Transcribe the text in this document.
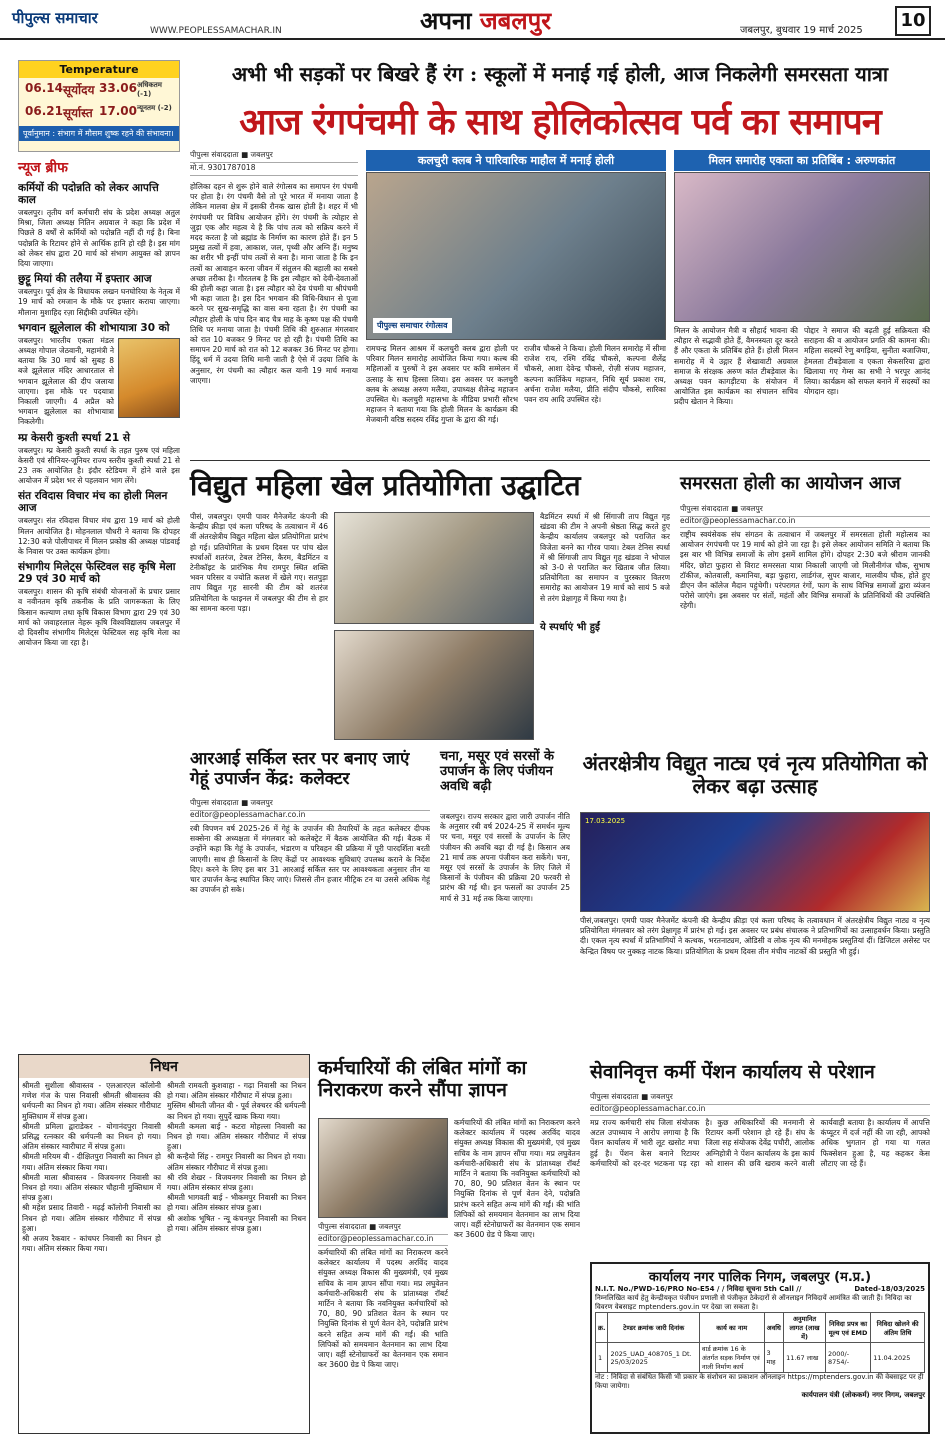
पीपुल्स समाचार
WWW.PEOPLESSAMACHAR.IN	अपना जबलपुर	जबलपुर, बुधवार 19 मार्च 2025	10
Temperature
06.14 सूर्योदय 33.06 अधिकतम (-1)
06.21 सूर्यास्त 17.00 न्यूनतम (-2)
पूर्वानुमान : संभाग में मौसम शुष्क रहने की संभावना।
अभी भी सड़कों पर बिखरे हैं रंग : स्कूलों में मनाई गई होली, आज निकलेगी समरसता यात्रा
आज रंगपंचमी के साथ होलिकोत्सव पर्व का समापन
न्यूज ब्रीफ
कर्मियों की पदोन्नति को लेकर आपत्ति काल

जबलपुर। तृतीय वर्ग कर्मचारी संघ के प्रदेश अध्यक्ष अतुल मिश्रा, जिला अध्यक्ष नितिन अग्रवाल ने कहा कि प्रदेश में पिछले 8 वर्षों से कर्मियों को पदोन्नति नहीं दी गई है। बिना पदोन्नति के रिटायर होने से आर्थिक हानि हो रही है। इस मांग को लेकर संघ द्वारा 20 मार्च को संभाग आयुक्त को ज्ञापन दिया जाएगा।

छुट्टू मियां की तलैया में इफ्तार आज

जबलपुर। पूर्व क्षेत्र के विधायक लखन घनघोरिया के नेतृत्व में 19 मार्च को रमजान के मौके पर इफ्तार कराया जाएगा। मौलाना मुशाहिद रज़ा सिद्दीकी उपस्थित रहेंगे।

भगवान झूलेलाल की शोभायात्रा 30 को

जबलपुर। भारतीय एकता मंडल अध्यक्ष गोपाल जेठवानी, महामंत्री ने बताया कि 30 मार्च को सुबह 8 बजे झूलेलाल मंदिर आधारताल से भगवान झूलेलाल की दीप जलाया जाएगा। इस मौके पर पदयात्रा निकाली जाएगी। 4 अप्रैल को भगवान झूलेलाल का शोभायात्रा निकलेगी।

म्प्र केसरी कुश्ती स्पर्धा 21 से

जबलपुर। म्प्र केसरी कुश्ती स्पर्धा के तहत पुरुष एवं महिला केसरी एवं सीनियर-जूनियर राज्य स्तरीय कुश्ती स्पर्धा 21 से 23 तक आयोजित है। इंदौर स्टेडियम में होने वाले इस आयोजन में प्रदेश भर से पहलवान भाग लेंगे।

संत रविदास विचार मंच का होली मिलन आज

जबलपुर। संत रविदास विचार मंच द्वारा 19 मार्च को होली मिलन आयोजित है। मोहनलाल चौधरी ने बताया कि दोपहर 12:30 बजे पोलीपाथर में मिलन प्रकोष्ठ की अध्यक्ष पांडवाई के निवास पर उक्त कार्यक्रम होगा।

संभागीय मिलेट्स फेस्टिवल सह कृषि मेला 29 एवं 30 मार्च को

जबलपुर। शासन की कृषि संबंधी योजनाओं के प्रचार प्रसार व नवीनतम कृषि तकनीक के प्रति जागरूकता के लिए किसान कल्याण तथा कृषि विकास विभाग द्वारा 29 एवं 30 मार्च को जवाहरलाल नेहरू कृषि विश्वविद्यालय जबलपुर में दो दिवसीय संभागीय मिलेट्स फेस्टिवल सह कृषि मेला का आयोजन किया जा रहा है।

पीपुल्स संवाददाता ■ जबलपुर
मो.नं. 9301787018
होलिका दहन से शुरू होने वाले रंगोत्सव का समापन रंग पंचमी पर होता है। रंग पंचमी वैसे तो पूरे भारत में मनाया जाता है लेकिन मालवा क्षेत्र में इसकी रौनक खास होती है। शहर में भी रंगपंचमी पर विविध आयोजन होंगे। रंग पंचमी के त्योहार से जुड़ा एक और महत्व ये है कि पांच तत्व को सक्रिय करने में मदद करता है जो ब्रह्मांड के निर्माण का कारण होते हैं। इन 5 प्रमुख तत्वों में हवा, आकाश, जल, पृथ्वी और अग्नि हैं। मनुष्य का शरीर भी इन्हीं पांच तत्वों से बना है। माना जाता है कि इन तत्वों का आवाहन करना जीवन में संतुलन की बहाली का सबसे अच्छा तरीका है। गौरतलब है कि इस त्यौहार को देवी-देवताओं की होली कहा जाता है। इस त्यौहार को देव पंचमी या श्रीपंचमी भी कहा जाता है। इस दिन भगवान की विधि-विधान से पूजा करने पर सुख-समृद्धि का वास बना रहता है। रंग पंचमी का त्यौहार होली के पांच दिन बाद चैत्र माह के कृष्ण पक्ष की पंचमी तिथि पर मनाया जाता है। पंचमी तिथि की शुरुआत मंगलवार को रात 10 बजकर 9 मिनट पर हो रही है। पंचमी तिथि का समापन 20 मार्च को रात को 12 बजकर 36 मिनट पर होगा। हिंदू धर्म में उदया तिथि मानी जाती है ऐसे में उदया तिथि के अनुसार, रंग पंचमी का त्यौहार कल यानी 19 मार्च मनाया जाएगा।
कलचुरी क्लब ने पारिवारिक माहौल में मनाई होली
पीपुल्स समाचार रंगोत्सव
रामचन्द्र मिलन आश्रम में कलचुरी क्लब द्वारा होली पर परिवार मिलन समारोह आयोजित किया गया। कल्ब की महिलाओं व पुरुषों ने इस अवसर पर कवि सम्मेलन में उत्साह के साथ हिस्सा लिया। इस अवसर पर कलचुरी क्लब के अध्यक्ष अरुण मलैया, उपाध्यक्ष शैलेन्द्र महाजन उपस्थित थे। कलचुरी महासभा के मीडिया प्रभारी सौरभ महाजन ने बताया गया कि होली मिलन के कार्यक्रम की मेजबानी वरिष्ठ सदस्य रविंद्र गुप्ता के द्वारा की गई।
राजीव चौकसे ने किया। होली मिलन समारोह में सीमा राजेश राय, रश्मि रविंद्र चौकसे, कल्पना शैलेंद्र चौकसे, आशा देवेन्द्र चौकसे, रोज़ी संजय महाजन, कल्पना कार्तिकेय महाजन, निधि सूर्य प्रकाश राय, अर्चना राजेश मलैया, प्रीति संदीप चौकसे, सारिका पवन राय आदि उपस्थित रहे।
मिलन समारोह एकता का प्रतिबिंब : अरुणकांत
मिलन के आयोजन मैत्री व सौहार्द भावना की त्यौहार से सद्भावी होते हैं, वैमनस्यता दूर करते हैं और एकता के प्रतिबिंब होते हैं। होली मिलन समारोह में ये उद्गार हैं शेखावाटी अग्रवाल समाज के संरक्षक अरुण कांत टीबड़ेवाल के। अध्यक्ष पवन कागड़ीटया के संयोजन में आयोजित इस कार्यक्रम का संचालन सचिव प्रदीप खेतान ने किया।
पोद्दार ने समाज की बढ़ती हुई सक्रियता की सराहना की व आयोजन प्रगति की कामना की। महिला सदस्यों रेणु बगड़िया, सुनीता बजाजिया, हेमलता टीबड़ेवाला व एकता सेकसरिया द्वारा खिलाया गए गेम्स का सभी ने भरपूर आनंद लिया। कार्यक्रम को सफल बनाने में सदस्यों का योगदान रहा।
विद्युत महिला खेल प्रतियोगिता उद्घाटित
पीसं, जबलपुर। एमपी पावर मैनेजमेंट कंपनी की केन्द्रीय क्रीड़ा एवं कला परिषद के तत्वाधान में 46 वीं अंतरक्षेत्रीय विद्युत महिला खेल प्रतियोगिता प्रारंभ हो गई। प्रतियोगिता के प्रथम दिवस पर पांच खेल स्पर्धाओं शतरंज, टेबल टेनिस, कैरम, बैडमिंटन व टेनीकॉइट के प्रारंभिक मैच रामपुर स्थित शक्ति भवन परिसर व ज्योति कलश में खेले गए। सतपुड़ा ताप विद्युत गृह सारनी की टीम को शतरंज प्रतियोगिता के फाइनल में जबलपुर की टीम से हार का सामना करना पड़ा।
बैडमिंटन स्पर्धा में श्री सिंगाजी ताप विद्युत गृह खंडवा की टीम ने अपनी श्रेष्ठता सिद्ध करते हुए केन्द्रीय कार्यालय जबलपुर को पराजित कर विजेता बनने का गौरव पाया। टेबल टेनिस स्पर्धा में श्री सिंगाजी ताप विद्युत गृह खंडवा ने भोपाल को 3-0 से पराजित कर खिताब जीत लिया। प्रतियोगिता का समापन व पुरस्कार वितरण समारोह का आयोजन 19 मार्च को सायं 5 बजे से तरंग प्रेक्षागृह में किया गया है।
ये स्पर्धाएं भी हुईं
समरसता होली का आयोजन आज
पीपुल्स संवाददाता ■ जबलपुर
editor@peoplessamachar.co.in
राष्ट्रीय स्वयंसेवक संघ संगठन के तत्वाधान में जबलपुर में समरसता होली महोत्सव का आयोजन रंगपंचमी पर 19 मार्च को होने जा रहा है। इसे लेकर आयोजन समिति ने बताया कि इस बार भी विभिन्न समाजों के लोग इसमें शामिल होंगे। दोपहर 2:30 बजे श्रीराम जानकी मंदिर, छोटा फुहारा से विराट समरसता यात्रा निकाली जाएगी जो मिलौनीगंज चौक, सुभाष टॉकीज, कोतवाली, कमानिया, बड़ा फुहारा, लार्डगंज, सुपर बाजार, मालवीय चौक, होते हुए डीएन जैन कॉलेज मैदान पहुंचेगी। परंपरागत रंगों, फाग के साथ विभिन्न समाजों द्वारा व्यंजन परोसे जाएंगे। इस अवसर पर संतों, महंतों और विभिन्न समाजों के प्रतिनिधियों की उपस्थिति रहेगी।
आरआई सर्किल स्तर पर बनाए जाएं गेहूं उपार्जन केंद्र: कलेक्टर
पीपुल्स संवाददाता ■ जबलपुर
editor@peoplessamachar.co.in
रबी विपणन वर्ष 2025-26 में गेहूं के उपार्जन की तैयारियों के तहत कलेक्टर दीपक सक्सेना की अध्यक्षता में मंगलवार को कलेक्ट्रेट में बैठक आयोजित की गई। बैठक में उन्होंने कहा कि गेहूं के उपार्जन, भंडारण व परिवहन की प्रक्रिया में पूरी पारदर्शिता बरती जाएगी। साथ ही किसानों के लिए केंद्रों पर आवश्यक सुविधाएं उपलब्ध कराने के निर्देश दिए। करने के लिए इस बार 31 आरआई सर्किल स्तर पर आवश्यकता अनुसार तीन या चार उपार्जन केन्द्र स्थापित किए जाएं। जिससे तीन हजार मीट्रिक टन या उससे अधिक गेहूं का उपार्जन हो सके।
चना, मसूर एवं सरसों के उपार्जन के लिए पंजीयन अवधि बढ़ी
जबलपुर। राज्य सरकार द्वारा जारी उपार्जन नीति के अनुसार रबी वर्ष 2024-25 में समर्थन मूल्य पर चना, मसूर एवं सरसों के उपार्जन के लिए पंजीयन की अवधि बढ़ा दी गई है। किसान अब 21 मार्च तक अपना पंजीयन करा सकेंगे। चना, मसूर एवं सरसों के उपार्जन के लिए जिले में किसानों के पंजीयन की प्रक्रिया 20 फरवरी से प्रारंभ की गई थी। इन फसलों का उपार्जन 25 मार्च से 31 मई तक किया जाएगा।
अंतरक्षेत्रीय विद्युत नाट्य एवं नृत्य प्रतियोगिता को लेकर बढ़ा उत्साह
17.03.2025
पीसं,जबलपुर। एमपी पावर मैनेजमेंट कंपनी की केन्द्रीय क्रीड़ा एवं कला परिषद के तत्वावधान में अंतरक्षेत्रीय विद्युत नाट्य व नृत्य प्रतियोगिता मंगलवार को तरंग प्रेक्षागृह में प्रारंभ हो गई। इस अवसर पर प्रबंध संचालक ने प्रतिभागियों का उत्साहवर्धन किया। प्रस्तुति दी। एकल नृत्य स्पर्धा में प्रतिभागियों ने कत्थक, भरतनाट्यम, ओडिसी व लोक नृत्य की मनमोहक प्रस्तुतियां दीं। डिजिटल असेस्ट पर केन्द्रित विषय पर नुक्कड़ नाटक किया। प्रतियोगिता के प्रथम दिवस तीन मंचीय नाटकों की प्रस्तुति भी हुई।
निधन

श्रीमती सुशीला श्रीवास्तव - एलआरएल कॉलोनी गणेश गंज के पास निवासी श्रीमती श्रीवास्तव की धर्मपत्नी का निधन हो गया। अंतिम संस्कार गौरीघाट मुक्तिधाम में संपन्न हुआ।

श्रीमती प्रमिला द्वाराडेकर - योगानंदपुरा निवासी प्रसिद्ध रत्नकार की धर्मपत्नी का निधन हो गया। अंतिम संस्कार ग्वारीघाट में संपन्न हुआ।

श्रीमती मरियम बी - दीक्षितपुरा निवासी का निधन हो गया। अंतिम संस्कार किया गया।

श्रीमती माला श्रीवास्तव - विजयनगर निवासी का निधन हो गया। अंतिम संस्कार चौहानी मुक्तिधाम में संपन्न हुआ।

श्री महेश प्रसाद तिवारी - मढ़ई कॉलोनी निवासी का निधन हो गया। अंतिम संस्कार गौरीघाट में संपन्न हुआ।

श्री अजय रैकवार - कांचघर निवासी का निधन हो गया। अंतिम संस्कार किया गया।

श्रीमती रामवती कुशवाहा - गढ़ा निवासी का निधन हो गया। अंतिम संस्कार गौरीघाट में संपन्न हुआ।

मुस्लिम श्रीमती जीनत बी - पूर्व लेक्चरर की धर्मपत्नी का निधन हो गया। सुपुर्दे खाक किया गया।

श्रीमती कमला बाई - कटरा मोहल्ला निवासी का निधन हो गया। अंतिम संस्कार गौरीघाट में संपन्न हुआ।

श्री कन्हैयो सिंह - रामपुर निवासी का निधन हो गया। अंतिम संस्कार गौरीघाट में संपन्न हुआ।

श्री रवि शेखर - विजयनगर निवासी का निधन हो गया। अंतिम संस्कार संपन्न हुआ।

श्रीमती भागवती बाई - भीकमपुर निवासी का निधन हो गया। अंतिम संस्कार संपन्न हुआ।

श्री अशोक भूषित - न्यू कंचनपुर निवासी का निधन हो गया। अंतिम संस्कार संपन्न हुआ।

कर्मचारियों की लंबित मांगों का निराकरण करने सौंपा ज्ञापन
पीपुल्स संवाददाता ■ जबलपुर
editor@peoplessamachar.co.in
कर्मचारियों की लंबित मांगों का निराकरण करने कलेक्टर कार्यालय में पदस्थ अरविंद यादव संयुक्त अध्यक्ष विकास की मुख्यमंत्री, एवं मुख्य सचिव के नाम ज्ञापन सौंपा गया। मप्र लघुवेतन कर्मचारी-अधिकारी संघ के प्रांताध्यक्ष रॉबर्ट मार्टिन ने बताया कि नवनियुक्त कर्मचारियों को 70, 80, 90 प्रतिशत वेतन के स्थान पर नियुक्ति दिनांक से पूर्ण वेतन देने, पदोन्नति प्रारंभ करने सहित अन्य मांगें की गईं। की भांति लिपिकों को समयमान वेतनमान का लाभ दिया जाए। वहीं स्टेनोग्राफरों का वेतनमान एक समान कर 3600 ग्रेड पे किया जाए।
कर्मचारियों की लंबित मांगों का निराकरण करने कलेक्टर कार्यालय में पदस्थ अरविंद यादव संयुक्त अध्यक्ष विकास की मुख्यमंत्री, एवं मुख्य सचिव के नाम ज्ञापन सौंपा गया। मप्र लघुवेतन कर्मचारी-अधिकारी संघ के प्रांताध्यक्ष रॉबर्ट मार्टिन ने बताया कि नवनियुक्त कर्मचारियों को 70, 80, 90 प्रतिशत वेतन के स्थान पर नियुक्ति दिनांक से पूर्ण वेतन देने, पदोन्नति प्रारंभ करने सहित अन्य मांगें की गईं। की भांति लिपिकों को समयमान वेतनमान का लाभ दिया जाए। वहीं स्टेनोग्राफरों का वेतनमान एक समान कर 3600 ग्रेड पे किया जाए।
सेवानिवृत्त कर्मी पेंशन कार्यालय से परेशान
पीपुल्स संवाददाता ■ जबलपुर
editor@peoplessamachar.co.in
मप्र राज्य कर्मचारी संघ जिला संयोजक अटल उपाध्याय ने आरोप लगाया है कि पेंशन कार्यालय में भारी लूट खसोट मचा हुई है। पेंशन केस बनाने रिटायर कर्मचारियों को दर-दर भटकना पड़ रहा है। कुछ अधिकारियों की मनमानी से रिटायर कर्मी परेशान हो रहे हैं। संघ के जिला सह संयोजक देवेंद्र पचौरी, आलोक अग्निहोत्री ने पेंशन कार्यालय के इस कार्य को शासन की छवि खराब करने वाली कार्यवाही बताया है। कार्यालय में आपत्ति कंप्यूटर में दर्ज नहीं की जा रही, आपको अधिक भुगतान हो गया या गलत फिक्सेशन हुआ है, यह कहकर केस लौटाए जा रहे हैं।
कार्यालय नगर पालिक निगम, जबलपुर (म.प्र.)
N.I.T. No./PWD-16/PRO No-E54 / / निविदा सूचना 5th Call //	Dated-18/03/2025
निम्नलिखित कार्य हेतु केन्द्रीयकृत पंजीयन प्रणाली से पंजीकृत ठेकेदारों से ऑनलाइन निविदायें आमंत्रित की जाती हैं। निविदा का विवरण वेबसाइट mptenders.gov.in पर देखा जा सकता है।
क्र.	टेण्डर क्रमांक जारी दिनांक	कार्य का नाम	अवधि	अनुमानित लागत (लाख में)	निविदा प्रपत्र का मूल्य एवं EMD	निविदा खोलने की अंतिम तिथि
1	2025_UAD_408705_1 Dt. 25/03/2025	वार्ड क्रमांक 16 के अंतर्गत सड़क निर्माण एवं नाली निर्माण कार्य	3 माह	11.67 लाख	2000/- 8754/-	11.04.2025
नोट : निविदा से संबंधित किसी भी प्रकार के संशोधन का प्रकाशन ऑनलाइन https://mptenders.gov.in की वेबसाइट पर ही किया जायेगा।
कार्यपालन यंत्री (लोककर्म) नगर निगम, जबलपुर
